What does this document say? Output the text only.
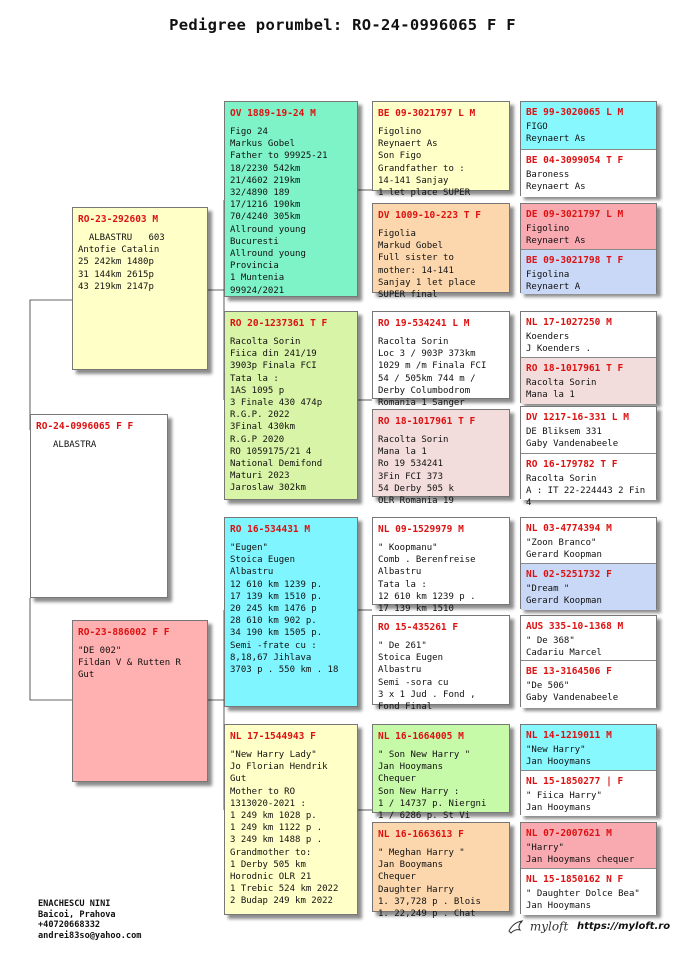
Pedigree porumbel: RO-24-0996065 F F
RO-24-0996065 F F
ALBASTRA
RO-23-292603 M
ALBASTRU   603
Antofie Catalin
25 242km 1480p
31 144km 2615p
43 219km 2147p
RO-23-886002 F F
"DE 002"
Fildan V & Rutten R
Gut
OV 1889-19-24 M
Figo 24
Markus Gobel
Father to 99925-21
18/2230 542km
21/4602 219km
32/4890 189
17/1216 190km
70/4240 305km
Allround young
Bucuresti
Allround young Provincia
1 Muntenia
99924/2021
RO 20-1237361 T F
Racolta Sorin
Fiica din 241/19
3903p Finala FCI
Tata la :
1AS 1095 p
3 Finale 430 474p
R.G.P. 2022
3Final 430km
R.G.P 2020
RO 1059175/21 4
National Demifond
Maturi 2023
Jaroslaw 302km
RO 16-534431 M
"Eugen"
Stoica Eugen
Albastru
12 610 km 1239 p.
17 139 km 1510 p.
20 245 km 1476 p
28 610 km 902 p.
34 190 km 1505 p.
Semi -frate cu :
8,18,67 Jihlava
3703 p . 550 km . 18
NL 17-1544943 F
"New Harry Lady"
Jo Florian Hendrik
Gut
Mother to RO
1313020-2021 :
1 249 km 1028 p.
1 249 km 1122 p .
3 249 km 1488 p .
Grandmother to:
1 Derby 505 km
Horodnic OLR 21
1 Trebic 524 km 2022
2 Budap 249 km 2022
BE 09-3021797 L M
Figolino
Reynaert As
Son Figo
Grandfather to :
14-141 Sanjay
1 let place SUPER
DV 1009-10-223 T F
Figolia
Markud Gobel
Full sister to
mother: 14-141
Sanjay 1 let place
SUPER final
RO 19-534241 L M
Racolta Sorin
Loc 3 / 903P 373km
1029 m /m Finala FCI
54 / 505km 744 m /
Derby Columbodrom
Romania 1 Sanger
RO 18-1017961 T F
Racolta Sorin
Mana la 1
Ro 19 534241
3Fin FCI 373
54 Derby 505 k
OLR Romania 19
NL 09-1529979 M
" Koopmanu"
Comb . Berenfreise
Albastru
Tata la :
12 610 km 1239 p .
17 139 km 1510
RO 15-435261 F
" De 261"
Stoica Eugen
Albastru
Semi -sora cu
3 x 1 Jud . Fond ,
Fond Final
NL 16-1664005 M
" Son New Harry "
Jan Hooymans
Chequer
Son New Harry :
1 / 14737 p. Niergni
1 / 6286 p. St Vi
NL 16-1663613 F
" Meghan Harry "
Jan Booymans
Chequer
Daughter Harry
1. 37,728 p . Blois
1. 22,249 p . Chat
BE 99-3020065 L M
FIGO
Reynaert As
BE 04-3099054 T F
Baroness
Reynaert As
DE 09-3021797 L M
Figolino
Reynaert As
BE 09-3021798 T F
Figolina
Reynaert A
NL 17-1027250 M
Koenders
J Koenders .
RO 18-1017961 T F
Racolta Sorin
Mana la 1
DV 1217-16-331 L M
DE Bliksem 331
Gaby Vandenabeele
RO 16-179782 T F
Racolta Sorin
A : IT 22-224443 2 Fin 4
NL 03-4774394 M
"Zoon Branco"
Gerard Koopman
NL 02-5251732 F
"Dream "
Gerard Koopman
AUS 335-10-1368 M
" De 368"
Cadariu Marcel
BE 13-3164506 F
"De 506"
Gaby Vandenabeele
NL 14-1219011 M
"New Harry"
Jan Hooymans
NL 15-1850277 | F
" Fiica Harry"
Jan Hooymans
NL 07-2007621 M
"Harry"
Jan Hooymans chequer
NL 15-1850162 N F
" Daughter Dolce Bea"
Jan Hooymans
ENACHESCU NINI
Baicoi, Prahova
+40720668332
andrei83so@yahoo.com
myloft https://myloft.ro
